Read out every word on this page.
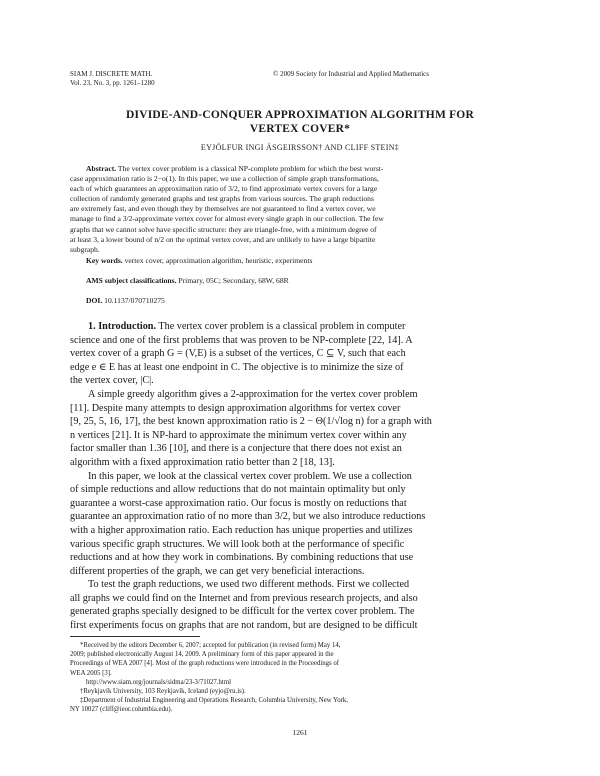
SIAM J. DISCRETE MATH.
Vol. 23, No. 3, pp. 1261–1280
© 2009 Society for Industrial and Applied Mathematics
DIVIDE-AND-CONQUER APPROXIMATION ALGORITHM FOR
VERTEX COVER*
EYJÓLFUR INGI ÁSGEIRSSON† AND CLIFF STEIN‡
Abstract. The vertex cover problem is a classical NP-complete problem for which the best worst-
case approximation ratio is 2−o(1). In this paper, we use a collection of simple graph transformations,
each of which guarantees an approximation ratio of 3/2, to find approximate vertex covers for a large
collection of randomly generated graphs and test graphs from various sources. The graph reductions
are extremely fast, and even though they by themselves are not guaranteed to find a vertex cover, we
manage to find a 3/2-approximate vertex cover for almost every single graph in our collection. The few
graphs that we cannot solve have specific structure: they are triangle-free, with a minimum degree of
at least 3, a lower bound of n/2 on the optimal vertex cover, and are unlikely to have a large bipartite
subgraph.
Key words. vertex cover, approximation algorithm, heuristic, experiments
AMS subject classifications. Primary, 05C; Secondary, 68W, 68R
DOI. 10.1137/070710275
1. Introduction. The vertex cover problem is a classical problem in computer
science and one of the first problems that was proven to be NP-complete [22, 14]. A
vertex cover of a graph G = (V,E) is a subset of the vertices, C ⊆ V, such that each
edge e ∈ E has at least one endpoint in C. The objective is to minimize the size of
the vertex cover, |C|.
A simple greedy algorithm gives a 2-approximation for the vertex cover problem
[11]. Despite many attempts to design approximation algorithms for vertex cover
[9, 25, 5, 16, 17], the best known approximation ratio is 2 − Θ(1/√log n) for a graph with
n vertices [21]. It is NP-hard to approximate the minimum vertex cover within any
factor smaller than 1.36 [10], and there is a conjecture that there does not exist an
algorithm with a fixed approximation ratio better than 2 [18, 13].
In this paper, we look at the classical vertex cover problem. We use a collection
of simple reductions and allow reductions that do not maintain optimality but only
guarantee a worst-case approximation ratio. Our focus is mostly on reductions that
guarantee an approximation ratio of no more than 3/2, but we also introduce reductions
with a higher approximation ratio. Each reduction has unique properties and utilizes
various specific graph structures. We will look both at the performance of specific
reductions and at how they work in combinations. By combining reductions that use
different properties of the graph, we can get very beneficial interactions.
To test the graph reductions, we used two different methods. First we collected
all graphs we could find on the Internet and from previous research projects, and also
generated graphs specially designed to be difficult for the vertex cover problem. The
first experiments focus on graphs that are not random, but are designed to be difficult
*Received by the editors December 6, 2007; accepted for publication (in revised form) May 14,
2009; published electronically August 14, 2009. A preliminary form of this paper appeared in the
Proceedings of WEA 2007 [4]. Most of the graph reductions were introduced in the Proceedings of
WEA 2005 [3].
http://www.siam.org/journals/sidma/23-3/71027.html
†Reykjavík University, 103 Reykjavík, Iceland (eyjo@ru.is).
‡Department of Industrial Engineering and Operations Research, Columbia University, New York,
NY 10027 (cliff@ieor.columbia.edu).
1261
